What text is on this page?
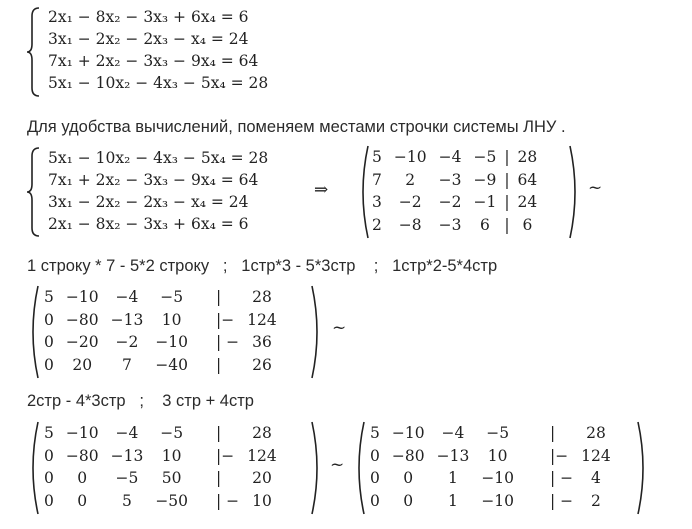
2x₁ − 8x₂ − 3x₃ + 6x₄ = 6
3x₁ − 2x₂ − 2x₃ − x₄ = 24
7x₁ + 2x₂ − 3x₃ − 9x₄ = 64
5x₁ − 10x₂ − 4x₃ − 5x₄ = 28
Для удобства вычислений, поменяем местами строчки системы ЛНУ .
5x₁ − 10x₂ − 4x₃ − 5x₄ = 28
7x₁ + 2x₂ − 3x₃ − 9x₄ = 64
3x₁ − 2x₂ − 2x₃ − x₄ = 24
2x₁ − 8x₂ − 3x₃ + 6x₄ = 6
⇒
5	−10	−4	−5	|	28
7	2	−3	−9	|	64
3	−2	−2	−1	|	24
2	−8	−3	6	|	6
~
1 строку * 7 - 5*2 строку   ;   1стр*3 - 5*3стр    ;   1стр*2-5*4стр
5	−10	−4	−5	|	28
0	−80	−13	10	|−	124
0	−20	−2	−10	| −	36
0	20	7	−40	|	26
~
2стр - 4*3стр   ;    3 стр + 4стр
5	−10	−4	−5	|	28
0	−80	−13	10	|−	124
0	0	−5	50	|	20
0	0	5	−50	| −	10
~
5	−10	−4	−5	|	28
0	−80	−13	10	|−	124
0	0	1	−10	| −	4
0	0	1	−10	| −	2
